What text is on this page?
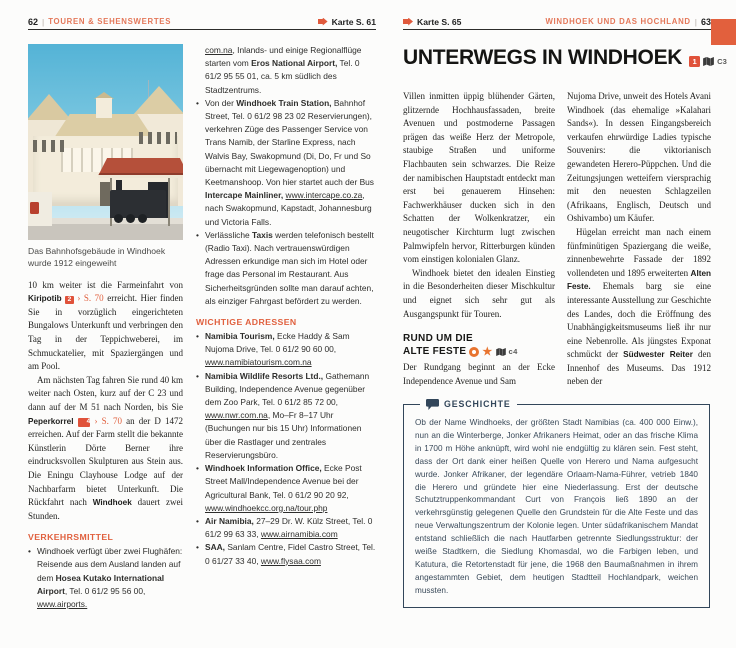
62 | TOUREN & SEHENSWERTES	Karte S. 61
Das Bahnhofsgebäude in Windhoek wurde 1912 eingeweiht

10 km weiter ist die Farmeinfahrt von Kiripotib 2 › S. 70 erreicht. Hier finden Sie in vorzüglich eingerichteten Bungalows Unterkunft und verbringen den Tag in der Teppichweberei, im Schmuckatelier, mit Spaziergängen und am Pool.

Am nächsten Tag fahren Sie rund 40 km weiter nach Osten, kurz auf der C 23 und dann auf der M 51 nach Norden, bis Sie Peperkorrel 4 › S. 70 an der D 1472 erreichen. Auf der Farm stellt die bekannte Künstlerin Dörte Berner ihre eindrucksvollen Skulpturen aus Stein aus. Die Eningu Clayhouse Lodge auf der Nachbarfarm bietet Unterkunft. Die Rückfahrt nach Windhoek dauert zwei Stunden.

VERKEHRSMITTEL
• Windhoek verfügt über zwei Flughäfen: Reisende aus dem Ausland landen auf dem Hosea Kutako International Airport, Tel. 0 61/2 95 56 00, www.airports.
com.na, Inlands- und einige Regionalflüge starten vom Eros National Airport, Tel. 0 61/2 95 55 01, ca. 5 km südlich des Stadtzentrums.
• Von der Windhoek Train Station, Bahnhof Street, Tel. 0 61/2 98 23 02 Reservierungen), verkehren Züge des Passenger Service von Trans Namib, der Starline Express, nach Walvis Bay, Swakopmund (Di, Do, Fr und So übernacht mit Liegewagenoption) und Keetmanshoop. Von hier startet auch der Bus Intercape Mainliner, www.intercape.co.za, nach Swakopmund, Kapstadt, Johannesburg und Victoria Falls.
• Verlässliche Taxis werden telefonisch bestellt (Radio Taxi). Nach vertrauenswürdigen Adressen erkundige man sich im Hotel oder frage das Personal im Restaurant. Aus Sicherheitsgründen sollte man darauf achten, als einziger Fahrgast befördert zu werden.
WICHTIGE ADRESSEN
• Namibia Tourism, Ecke Haddy & Sam Nujoma Drive, Tel. 0 61/2 90 60 00, www.namibiatourism.com.na
• Namibia Wildlife Resorts Ltd., Gathemann Building, Independence Avenue gegenüber dem Zoo Park, Tel. 0 61/2 85 72 00, www.nwr.com.na, Mo–Fr 8–17 Uhr (Buchungen nur bis 15 Uhr) Informationen über die Rastlager und zentrales Reservierungsbüro.
• Windhoek Information Office, Ecke Post Street Mall/Independence Avenue bei der Agricultural Bank, Tel. 0 61/2 90 20 92, www.windhoekcc.org.na/tour.php
• Air Namibia, 27–29 Dr. W. Külz Street, Tel. 0 61/2 99 63 33, www.airnamibia.com
• SAA, Sanlam Centre, Fidel Castro Street, Tel. 0 61/27 33 40, www.flysaa.com
Karte S. 65	WINDHOEK UND DAS HOCHLAND | 63
UNTERWEGS IN WINDHOEK	1	C3

Villen inmitten üppig blühender Gärten, glitzernde Hochhausfassaden, breite Avenuen und postmoderne Passagen prägen das weiße Herz der Metropole, staubige Straßen und uniforme Flachbauten sein schwarzes. Die Reize der namibischen Hauptstadt entdeckt man erst bei genauerem Hinsehen: Fachwerkhäuser ducken sich in den Schatten der Wolkenkratzer, ein neugotischer Kirchturm lugt zwischen Palmwipfeln hervor, Ritterburgen künden vom einstigen kolonialen Glanz.

Windhoek bietet den idealen Einstieg in die Besonderheiten dieser Mischkultur und eignet sich sehr gut als Ausgangspunkt für Touren.

RUND UM DIE
ALTE FESTE ★ c4

Der Rundgang beginnt an der Ecke Independence Avenue und Sam

Nujoma Drive, unweit des Hotels Avani Windhoek (das ehemalige »Kalahari Sands«). In dessen Eingangsbereich verkaufen ehrwürdige Ladies typische Souvenirs: die viktorianisch gewandeten Herero-Püppchen. Und die Zeitungsjungen wetteifern viersprachig mit den neuesten Schlagzeilen (Afrikaans, Englisch, Deutsch und Oshivambo) um Käufer.

Hügelan erreicht man nach einem fünfminütigen Spaziergang die weiße, zinnenbewehrte Fassade der 1892 vollendeten und 1895 erweiterten Alten Feste. Ehemals barg sie eine interessante Ausstellung zur Geschichte des Landes, doch die Eröffnung des Unabhängigkeitsmuseums ließ ihr nur eine Nebenrolle. Als jüngstes Exponat schmückt der Südwester Reiter den Innenhof des Museums. Das 1912 neben der

GESCHICHTE
Ob der Name Windhoeks, der größten Stadt Namibias (ca. 400 000 Einw.), nun an die Winterberge, Jonker Afrikaners Heimat, oder an das frische Klima in 1700 m Höhe anknüpft, wird wohl nie endgültig zu klären sein. Fest steht, dass der Ort dank einer heißen Quelle von Herero und Nama aufgesucht wurde. Jonker Afrikaner, der legendäre Orlaam-Nama-Führer, vetrieb 1840 die Herero und gründete hier eine Niederlassung. Erst der deutsche Schutztruppenkommandant Curt von François ließ 1890 an der verkehrsgünstig gelegenen Quelle den Grundstein für die Alte Feste und das neue Verwaltungszentrum der Kolonie legen. Unter südafrikanischem Mandat entstand schließlich die nach Hautfarben getrennte Siedlungsstruktur: der weiße Stadtkern, die Siedlung Khomasdal, wo die Farbigen leben, und Katutura, die Retortenstadt für jene, die 1968 den Baumaßnahmen in ihrem angestammten Gebiet, dem heutigen Stadtteil Hochlandpark, weichen mussten.
